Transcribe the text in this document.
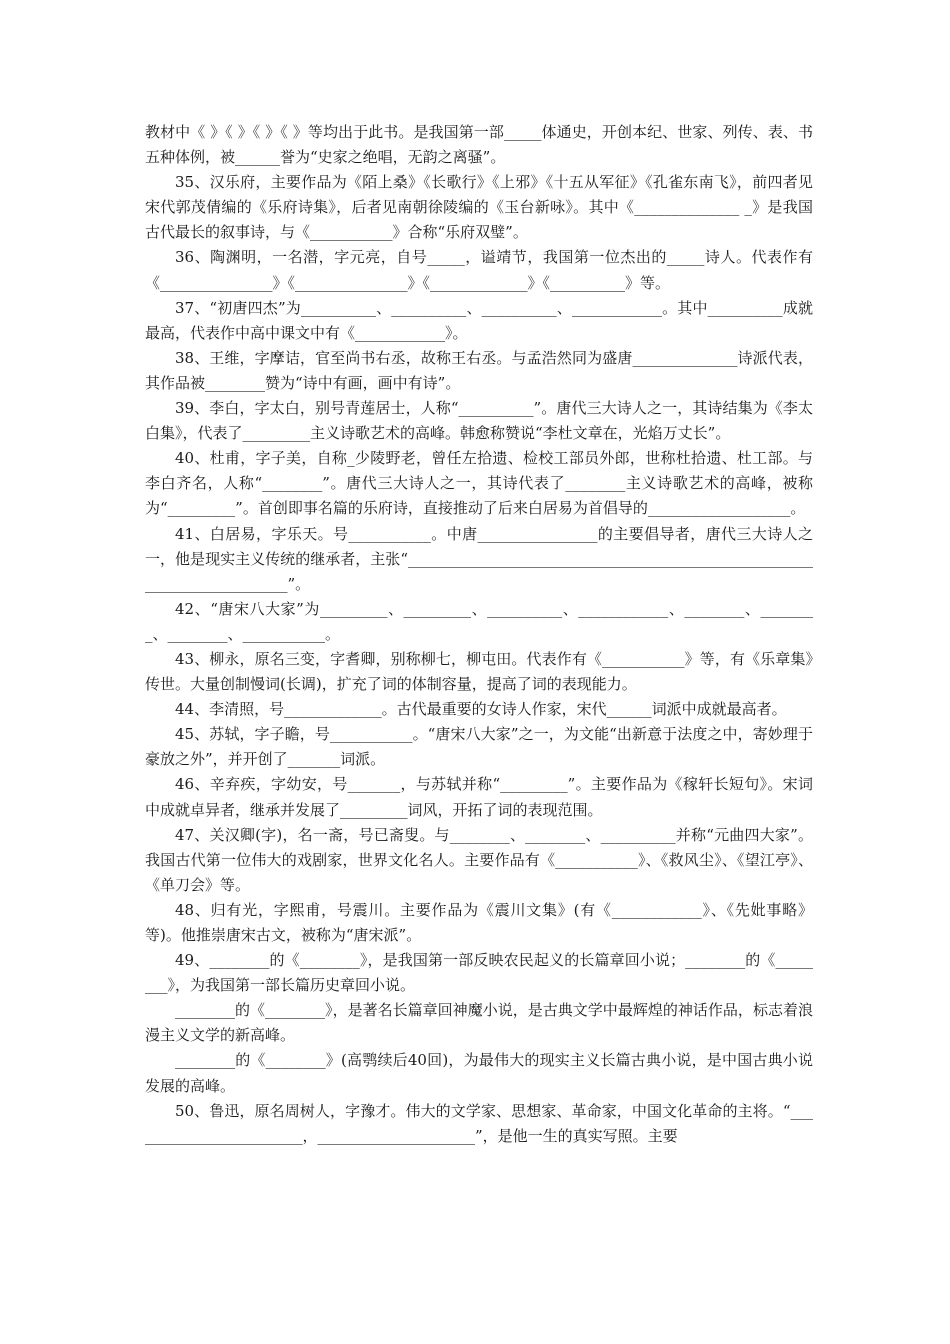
教材中《 》《 》《 》《 》等均出于此书。是我国第一部_____体通史，开创本纪、世家、列传、表、书五种体例，被______誉为“史家之绝唱，无韵之离骚”。

35、汉乐府，主要作品为《陌上桑》《长歌行》《上邪》《十五从军征》《孔雀东南飞》，前四者见宋代郭茂倩编的《乐府诗集》，后者见南朝徐陵编的《玉台新咏》。其中《______________ _》是我国古代最长的叙事诗，与《___________》合称“乐府双璧”。

36、陶渊明，一名潜，字元亮，自号_____，谥靖节，我国第一位杰出的_____诗人。代表作有《_______________》《_______________》《_____________》《__________》等。

37、“初唐四杰”为__________、__________、__________、____________。其中__________成就最高，代表作中高中课文中有《____________》。

38、王维，字摩诘，官至尚书右丞，故称王右丞。与孟浩然同为盛唐______________诗派代表，其作品被________赞为“诗中有画，画中有诗”。

39、李白，字太白，别号青莲居士，人称“__________”。唐代三大诗人之一，其诗结集为《李太白集》，代表了_________主义诗歌艺术的高峰。韩愈称赞说“李杜文章在，光焰万丈长”。

40、杜甫，字子美，自称_少陵野老，曾任左拾遗、检校工部员外郎，世称杜拾遗、杜工部。与李白齐名，人称“________”。唐代三大诗人之一，其诗代表了________主义诗歌艺术的高峰，被称为“_________”。首创即事名篇的乐府诗，直接推动了后来白居易为首倡导的___________________。

41、白居易，字乐天。号___________。中唐________________的主要倡导者，唐代三大诗人之一，他是现实主义传统的继承者，主张“_________________________________________________________________________”。

42、“唐宋八大家”为_________、_________、__________、____________、________、________、________、___________。

43、柳永，原名三变，字耆卿，别称柳七，柳屯田。代表作有《___________》等，有《乐章集》传世。大量创制慢词(长调)，扩充了词的体制容量，提高了词的表现能力。

44、李清照，号_____________。古代最重要的女诗人作家，宋代______词派中成就最高者。

45、苏轼，字子瞻，号___________。“唐宋八大家”之一，为文能“出新意于法度之中，寄妙理于豪放之外”，并开创了_______词派。

46、辛弃疾，字幼安，号_______，与苏轼并称“_________”。主要作品为《稼轩长短句》。宋词中成就卓异者，继承并发展了_________词风，开拓了词的表现范围。

47、关汉卿(字)，名一斋，号已斋叟。与________、________、__________并称“元曲四大家”。我国古代第一位伟大的戏剧家，世界文化名人。主要作品有《___________》、《救风尘》、《望江亭》、《单刀会》等。

48、归有光，字熙甫，号震川。主要作品为《震川文集》(有《____________》、《先妣事略》等)。他推崇唐宋古文，被称为“唐宋派”。

49、________的《________》，是我国第一部反映农民起义的长篇章回小说；________的《________》，为我国第一部长篇历史章回小说。

________的《________》，是著名长篇章回神魔小说，是古典文学中最辉煌的神话作品，标志着浪漫主义文学的新高峰。

________的《________》(高鹗续后40回)，为最伟大的现实主义长篇古典小说，是中国古典小说发展的高峰。

50、鲁迅，原名周树人，字豫才。伟大的文学家、思想家、革命家，中国文化革命的主将。“________________________，_____________________”，是他一生的真实写照。主要
